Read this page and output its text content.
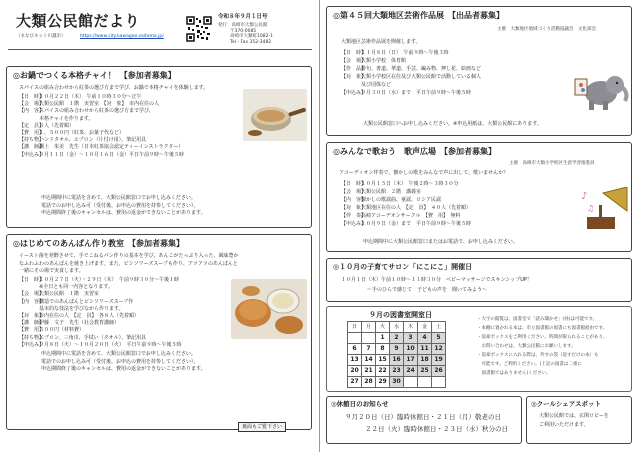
大類公民館だより
（まなびネット川越市）	https://www.city.kawagoe.saitama.jp/
令和８年９月１日号
発行　 高崎市大類公民館
〒370-0085
高崎市大類町1082-1
Tel・Fax 352-3482
◎お鍋でつくる本格チャイ！　【参加者募集】
スパイスの組み合わせから紅茶の選び方まで学び、お鍋で本格チャイを体験します。
【日　時】
１０月２２日（木）　午前１０時３０分～正午
【会　場】
大類公民館　１階　実習室　【対　象】　市内在住の人
【内　容】
スパイスの組み合わせから紅茶の選び方まで学び、
本格チャイを作ります。
【定　員】
８人（先着順）
【費　用】
１，５００円（紅茶、お菓子代など）
【持ち物】
ハンドタオル、エプロン（片付け用）、筆記用具
【講　師】
瀬上　朱美　先生（日本紅茶協会認定ティーインストラクター）
【申込み】
９月１１日（金）～１０月１６日（金）平日午前９時～午後５時
申込期間中に電話を含めて、大類公民館窓口でお申し込みください。
電話でのお申し込み可（受付後、お申込の費用を持参してください）。
申込期間終了後のキャンセルは、費用の返金ができないことがあります。
◎はじめてのあんぱん作り教室　【参加者募集】
イースト菌を発酵させて、手でこねるパン作りの基本を学び、あんこがたっぷり入った、風味豊か
なふわふわのあんぱんを焼き上げます。また、ビシソワーズスープも作り、アツアツのあんぱんと
一緒にその場で実食します。
【日　時】
１０月２７日（火）・２９日（木）　午前９時３０分～午後１時
※全日とも同一内容となります。
【会　場】
大類公民館　１階　実習室
【内　容】
構造でのあんぱんとビシソワーズスープ作
基本的な技法を学びながら作ります。
【対　象】
市内在住の人　【定　員】　各８人（先着順）
【講　師】
伊藤　文子　先生（社会教育講師）
【費　用】
５００円（材料費）
【持ち物】
エプロン、三角巾、手拭い（タオル）、筆記用具
【申込み】
９月８日（火）～１０月２０日（火）　平日午前９時～午後５時
申込期間中に電話を含めて、大類公民館窓口でお申し込みください。
電話でのお申し込み可（受付後、お申込の費用を持参してください）。
申込期間終了後のキャンセルは、費用の返金ができないことがあります。
裏面もご覧下さい
◎第４５回大類地区芸術作品展　【出品者募集】
主催　大類地区地域づくり活動協議会　文化部会
大類地区芸術作品展を開催します。
【日　時】
１１月８日（日）　午前９時～午後３時
【会　場】
大類小学校　体育館
【作　品】
俳句、書道、華道、手芸、編み物、押し花、絵画など
【対　象】
大類小学校区在住及び大類公民館で活動している個人
及び団体など
【申込み】
９月３０日（水）まで　平日午前９時～午後５時
大類公民館窓口へお申し込みください。※申込用紙は、大類公民館にあります。
◎みんなで歌おう　歌声広場　【参加者募集】
主催　高崎市大類小学校区生涯学習推進員
アコーディオン伴奏で、懐かしの歌をみんなで声に出して、歌いませんか？
【日　時】
１０月１５日（木）　午後２時～３時３０分
【会　場】
大類公民館　２階　講義室
【内　容】
懐かしの歌謡曲、童謡、ロシア民謡
【対　象】
大類地区在住の人　【定　員】　４０人（先着順）
【伴　奏】
高崎アコーデオンサークル　【費　用】　無料
【申込み】
１０月９日（金）まで　平日午前９時～午後５時
申込期間中に大類公民館窓口またはお電話で、お申し込みください。
♪
♫
◎１０月の子育てサロン「にこにこ」開催日
１０月１日（木）午前１０時～１１時３０分　ベビーマッサージでスキンシップUP！
～手のひらで感じて　子どもの声を　聞いてみよう～
９月の図書室開室日
日	月	火	水	木	金	土
		1	2	3	4	5
6	7	8	9	10	11	12
13	14	15	16	17	18	19
20	21	22	23	24	25	26
27	28	29	30			
・大字の閲覧は、図書室で「読み聞かせ」(昼)は可能です。
・本棚に置かれる本は、市立図書館の図書にも図書館経由です。
・返却ボックスをご利用ください。時間が限られることがあり、
　お問い合わせは、大類公民館にお願いします。
・返却ボックスに入れる際は、外すの袋（返すだけの本）も
　可能です。ご利用ください。(上記の図書は二重に
　図書館ではありません)ください。
◎休館日のお知らせ
９月２０日（日）臨時休館日・２１日（月）敬老の日
２２日（火）臨時休館日・２３日（水）秋分の日
◎クールシェアスポット
大類公民館では、玄関ロビーを
ご利用いただけます。
